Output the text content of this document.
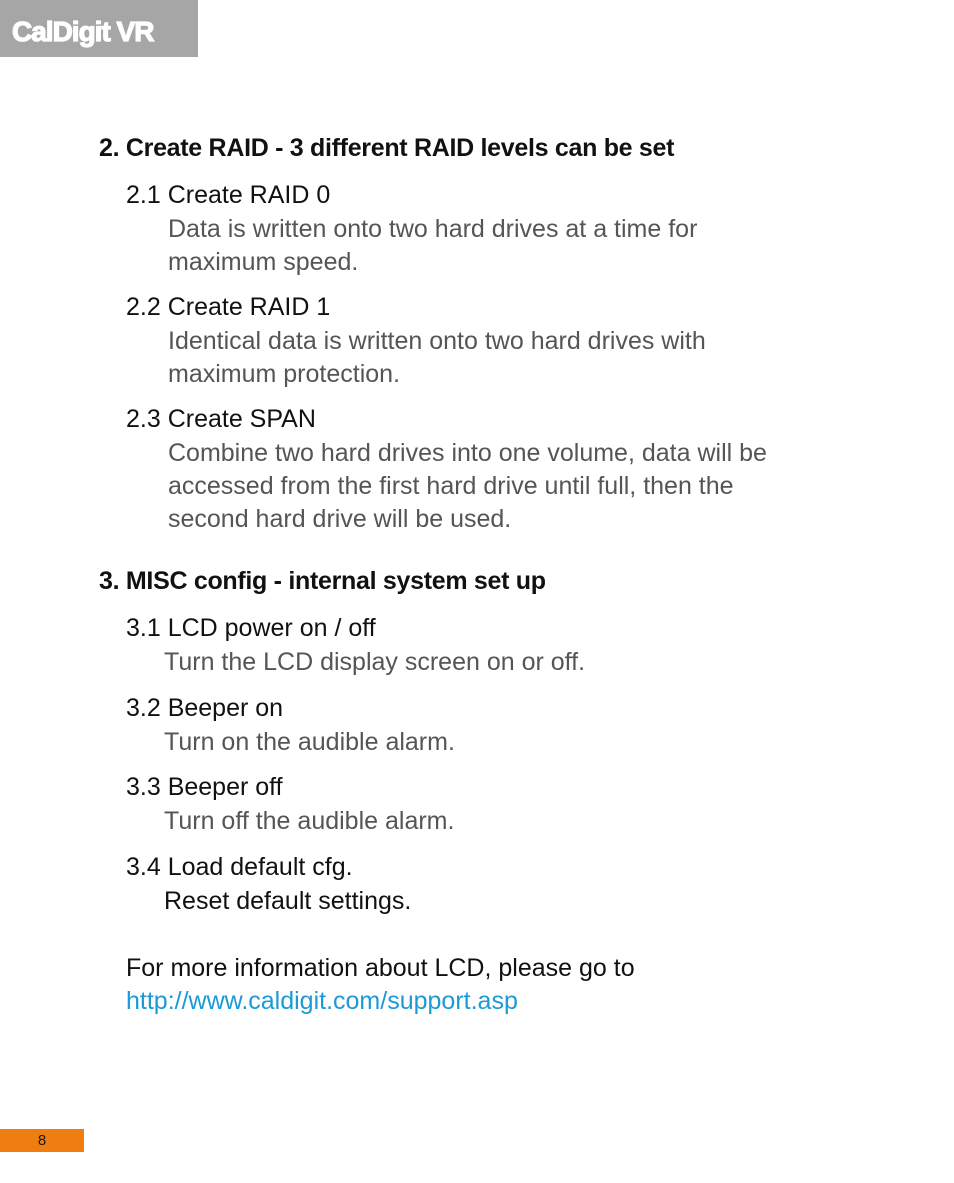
CalDigit VR
2. Create RAID - 3 different RAID levels can be set
2.1 Create RAID 0
Data is written onto two hard drives at a time for
maximum speed.
2.2 Create RAID 1
Identical data is written onto two hard drives with
maximum protection.
2.3 Create SPAN
Combine two hard drives into one volume, data will be
accessed from the first hard drive until full, then the
second hard drive will be used.
3. MISC config - internal system set up
3.1 LCD power on / off
Turn the LCD display screen on or off.
3.2 Beeper on
Turn on the audible alarm.
3.3 Beeper off
Turn off the audible alarm.
3.4 Load default cfg.
Reset default settings.
For more information about LCD, please go to
http://www.caldigit.com/support.asp
8
